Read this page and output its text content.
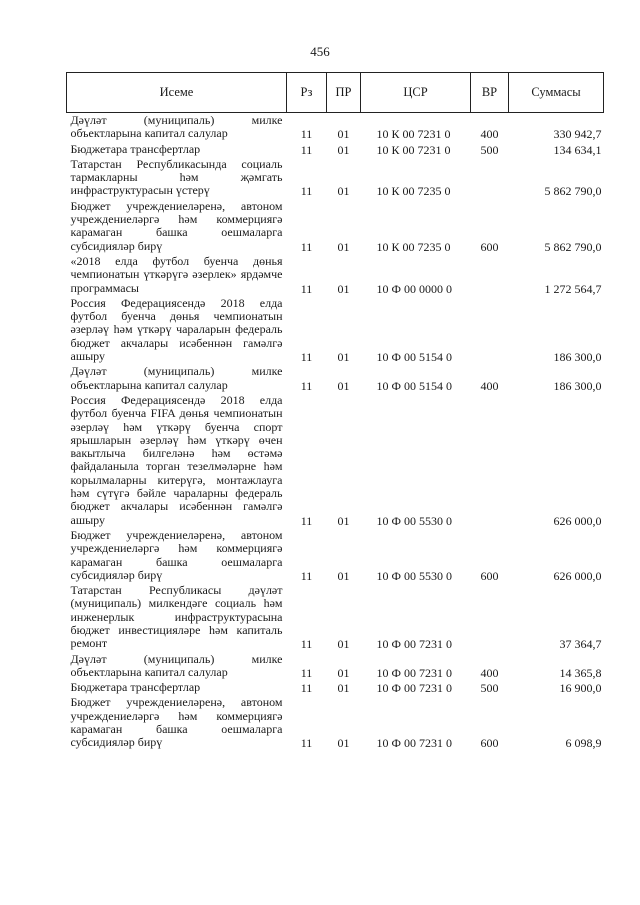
456
Исеме	Рз	ПР	ЦСР	ВР	Суммасы
Дәүләт (муниципаль) милке объектларына капитал салулар	11	01	10 К 00 7231 0	400	330 942,7
Бюджетара трансфертлар	11	01	10 К 00 7231 0	500	134 634,1
Татарстан Республикасында социаль тармакларны һәм җәмгать инфраструктурасын үстерү	11	01	10 К 00 7235 0		5 862 790,0
Бюджет учреждениеләренә, автоном учреждениеләргә һәм коммерциягә карамаган башка оешмаларга субсидияләр бирү	11	01	10 К 00 7235 0	600	5 862 790,0
«2018 елда футбол буенча дөнья чемпионатын үткәрүгә әзерлек» ярдәмче программасы	11	01	10 Ф 00 0000 0		1 272 564,7
Россия Федерациясендә 2018 елда футбол буенча дөнья чемпионатын әзерләү һәм үткәрү чараларын федераль бюджет акчалары исәбеннән гамәлгә ашыру	11	01	10 Ф 00 5154 0		186 300,0
Дәүләт (муниципаль) милке объектларына капитал салулар	11	01	10 Ф 00 5154 0	400	186 300,0
Россия Федерациясендә 2018 елда футбол буенча FIFA дөнья чемпионатын әзерләү һәм үткәрү буенча спорт ярышларын әзерләү һәм үткәрү өчен вакытлыча билгеләнә һәм өстәмә файдаланыла торган тезелмәләрне һәм корылмаларны китерүгә, монтажлауга һәм сүтүгә бәйле чараларны федераль бюджет акчалары исәбеннән гамәлгә ашыру	11	01	10 Ф 00 5530 0		626 000,0
Бюджет учреждениеләренә, автоном учреждениеләргә һәм коммерциягә карамаган башка оешмаларга субсидияләр бирү	11	01	10 Ф 00 5530 0	600	626 000,0
Татарстан Республикасы дәүләт (муниципаль) милкендәге социаль һәм инженерлык инфраструктурасына бюджет инвестицияләре һәм капиталь ремонт	11	01	10 Ф 00 7231 0		37 364,7
Дәүләт (муниципаль) милке объектларына капитал салулар	11	01	10 Ф 00 7231 0	400	14 365,8
Бюджетара трансфертлар	11	01	10 Ф 00 7231 0	500	16 900,0
Бюджет учреждениеләренә, автоном учреждениеләргә һәм коммерциягә карамаган башка оешмаларга субсидияләр бирү	11	01	10 Ф 00 7231 0	600	6 098,9
